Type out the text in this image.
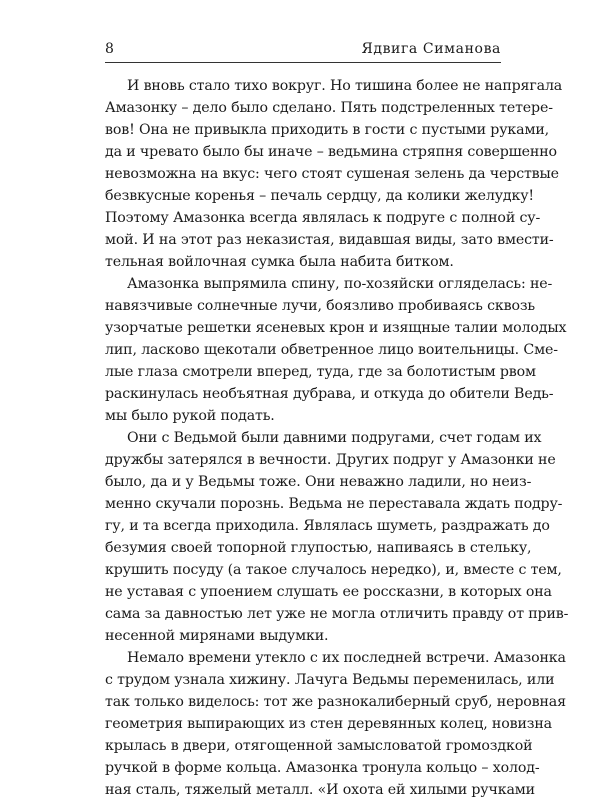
8	Ядвига Симанова
И вновь стало тихо вокруг. Но тишина более не напрягала
Амазонку – дело было сделано. Пять подстреленных тетере-
вов! Она не привыкла приходить в гости с пустыми руками,
да и чревато было бы иначе – ведьмина стряпня совершенно
невозможна на вкус: чего стоят сушеная зелень да черствые
безвкусные коренья – печаль сердцу, да колики желудку!
Поэтому Амазонка всегда являлась к подруге с полной су-
мой. И на этот раз неказистая, видавшая виды, зато вмести-
тельная войлочная сумка была набита битком.
Амазонка выпрямила спину, по-хозяйски огляделась: не-
навязчивые солнечные лучи, боязливо пробиваясь сквозь
узорчатые решетки ясеневых крон и изящные талии молодых
лип, ласково щекотали обветренное лицо воительницы. Сме-
лые глаза смотрели вперед, туда, где за болотистым рвом
раскинулась необъятная дубрава, и откуда до обители Ведь-
мы было рукой подать.
Они с Ведьмой были давними подругами, счет годам их
дружбы затерялся в вечности. Других подруг у Амазонки не
было, да и у Ведьмы тоже. Они неважно ладили, но неиз-
менно скучали порознь. Ведьма не переставала ждать подру-
гу, и та всегда приходила. Являлась шуметь, раздражать до
безумия своей топорной глупостью, напиваясь в стельку,
крушить посуду (а такое случалось нередко), и, вместе с тем,
не уставая с упоением слушать ее россказни, в которых она
сама за давностью лет уже не могла отличить правду от прив-
несенной мирянами выдумки.
Немало времени утекло с их последней встречи. Амазонка
с трудом узнала хижину. Лачуга Ведьмы переменилась, или
так только виделось: тот же разнокалиберный сруб, неровная
геометрия выпирающих из стен деревянных колец, новизна
крылась в двери, отягощенной замысловатой громоздкой
ручкой в форме кольца. Амазонка тронула кольцо – холод-
ная сталь, тяжелый металл. «И охота ей хилыми ручками
